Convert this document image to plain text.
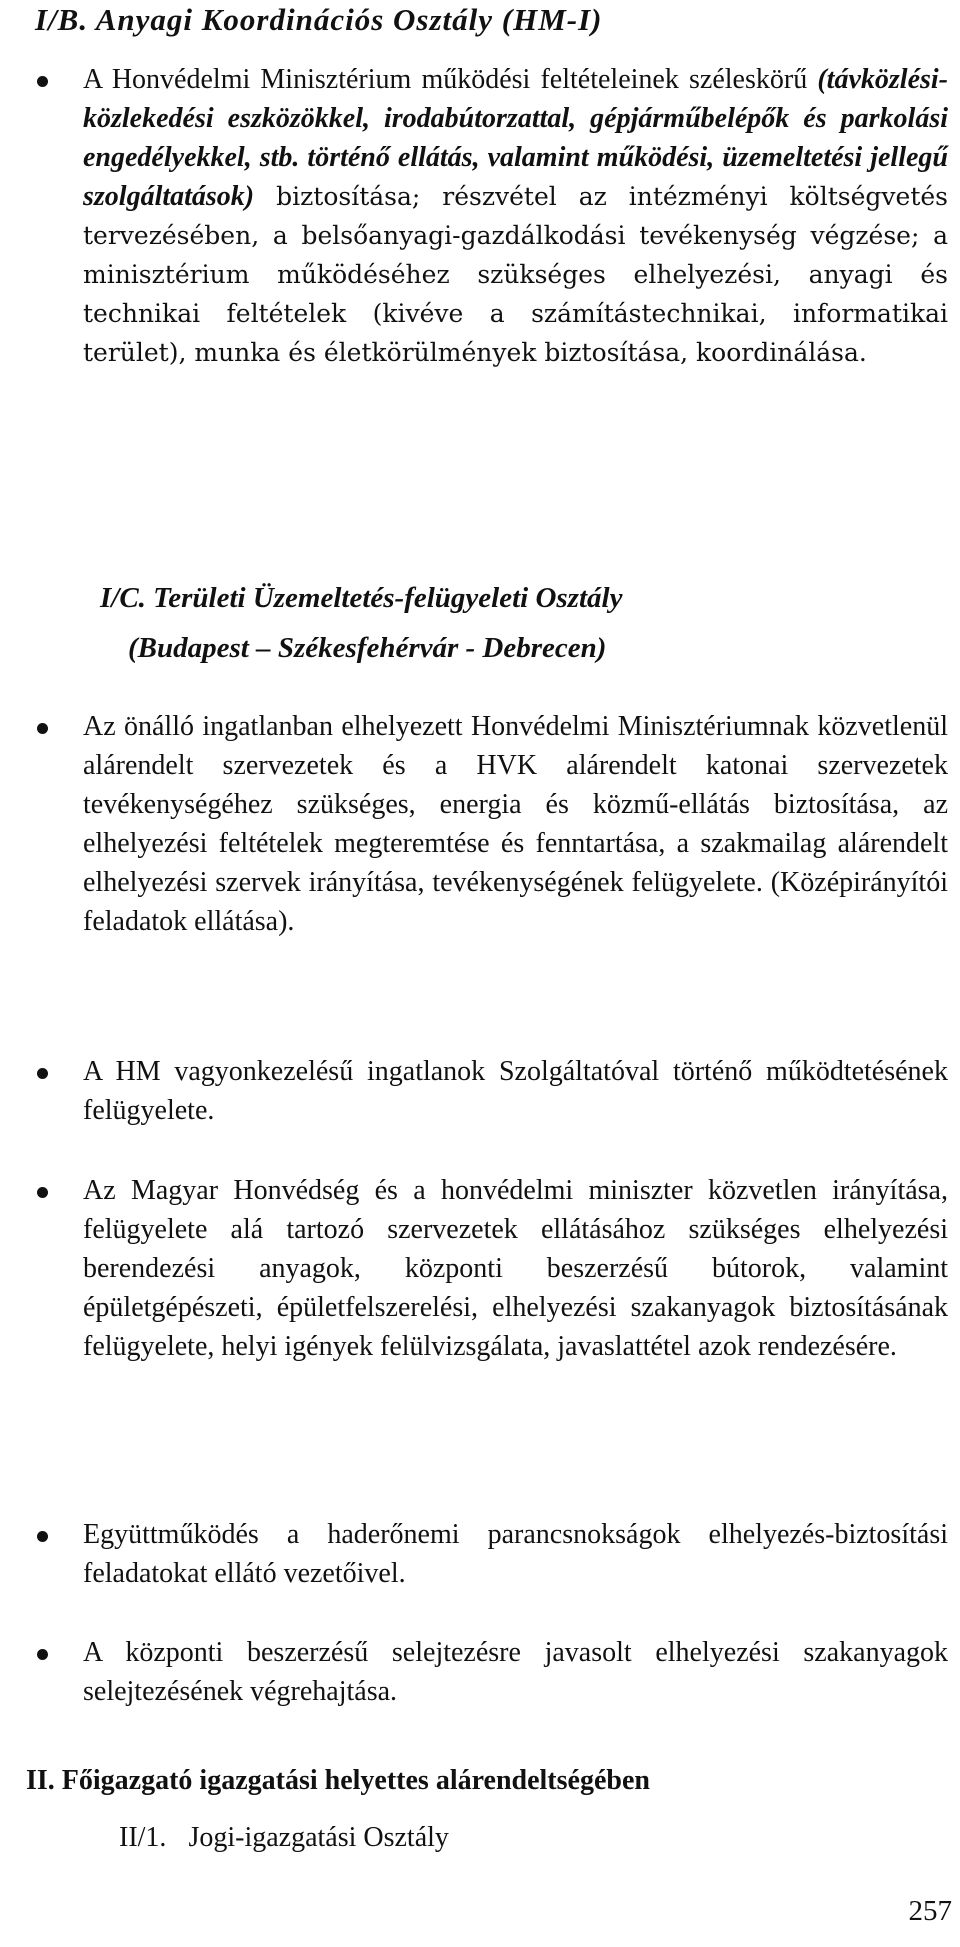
I/B. Anyagi Koordinációs Osztály (HM-I)
A Honvédelmi Minisztérium működési feltételeinek széleskörű (távközlési- közlekedési eszközökkel, irodabútorzattal, gépjárműbelépők és parkolási engedélyekkel, stb. történő ellátás, valamint működési, üzemeltetési jellegű szolgáltatások) biztosítása; részvétel az intézményi költségvetés tervezésében, a belsőanyagi-gazdálkodási tevékenység végzése; a minisztérium működéséhez szükséges elhelyezési, anyagi és technikai feltételek (kivéve a számítástechnikai, informatikai terület), munka és életkörülmények biztosítása, koordinálása.
I/C. Területi Üzemeltetés-felügyeleti Osztály
(Budapest – Székesfehérvár - Debrecen)
Az önálló ingatlanban elhelyezett Honvédelmi Minisztériumnak közvetlenül alárendelt szervezetek és a HVK alárendelt katonai szervezetek tevékenységéhez szükséges, energia és közmű-ellátás biztosítása, az elhelyezési feltételek megteremtése és fenntartása, a szakmailag alárendelt elhelyezési szervek irányítása, tevékenységének felügyelete. (Középirányítói feladatok ellátása).
A HM vagyonkezelésű ingatlanok Szolgáltatóval történő működtetésének felügyelete.
Az Magyar Honvédség és a honvédelmi miniszter közvetlen irányítása, felügyelete alá tartozó szervezetek ellátásához szükséges elhelyezési berendezési anyagok, központi beszerzésű bútorok, valamint épületgépészeti, épületfelszerelési, elhelyezési szakanyagok biztosításának felügyelete, helyi igények felülvizsgálata, javaslattétel azok rendezésére.
Együttműködés a haderőnemi parancsnokságok elhelyezés-biztosítási feladatokat ellátó vezetőivel.
A központi beszerzésű selejtezésre javasolt elhelyezési szakanyagok selejtezésének végrehajtása.
II. Főigazgató igazgatási helyettes alárendeltségében
II/1. Jogi-igazgatási Osztály
257
